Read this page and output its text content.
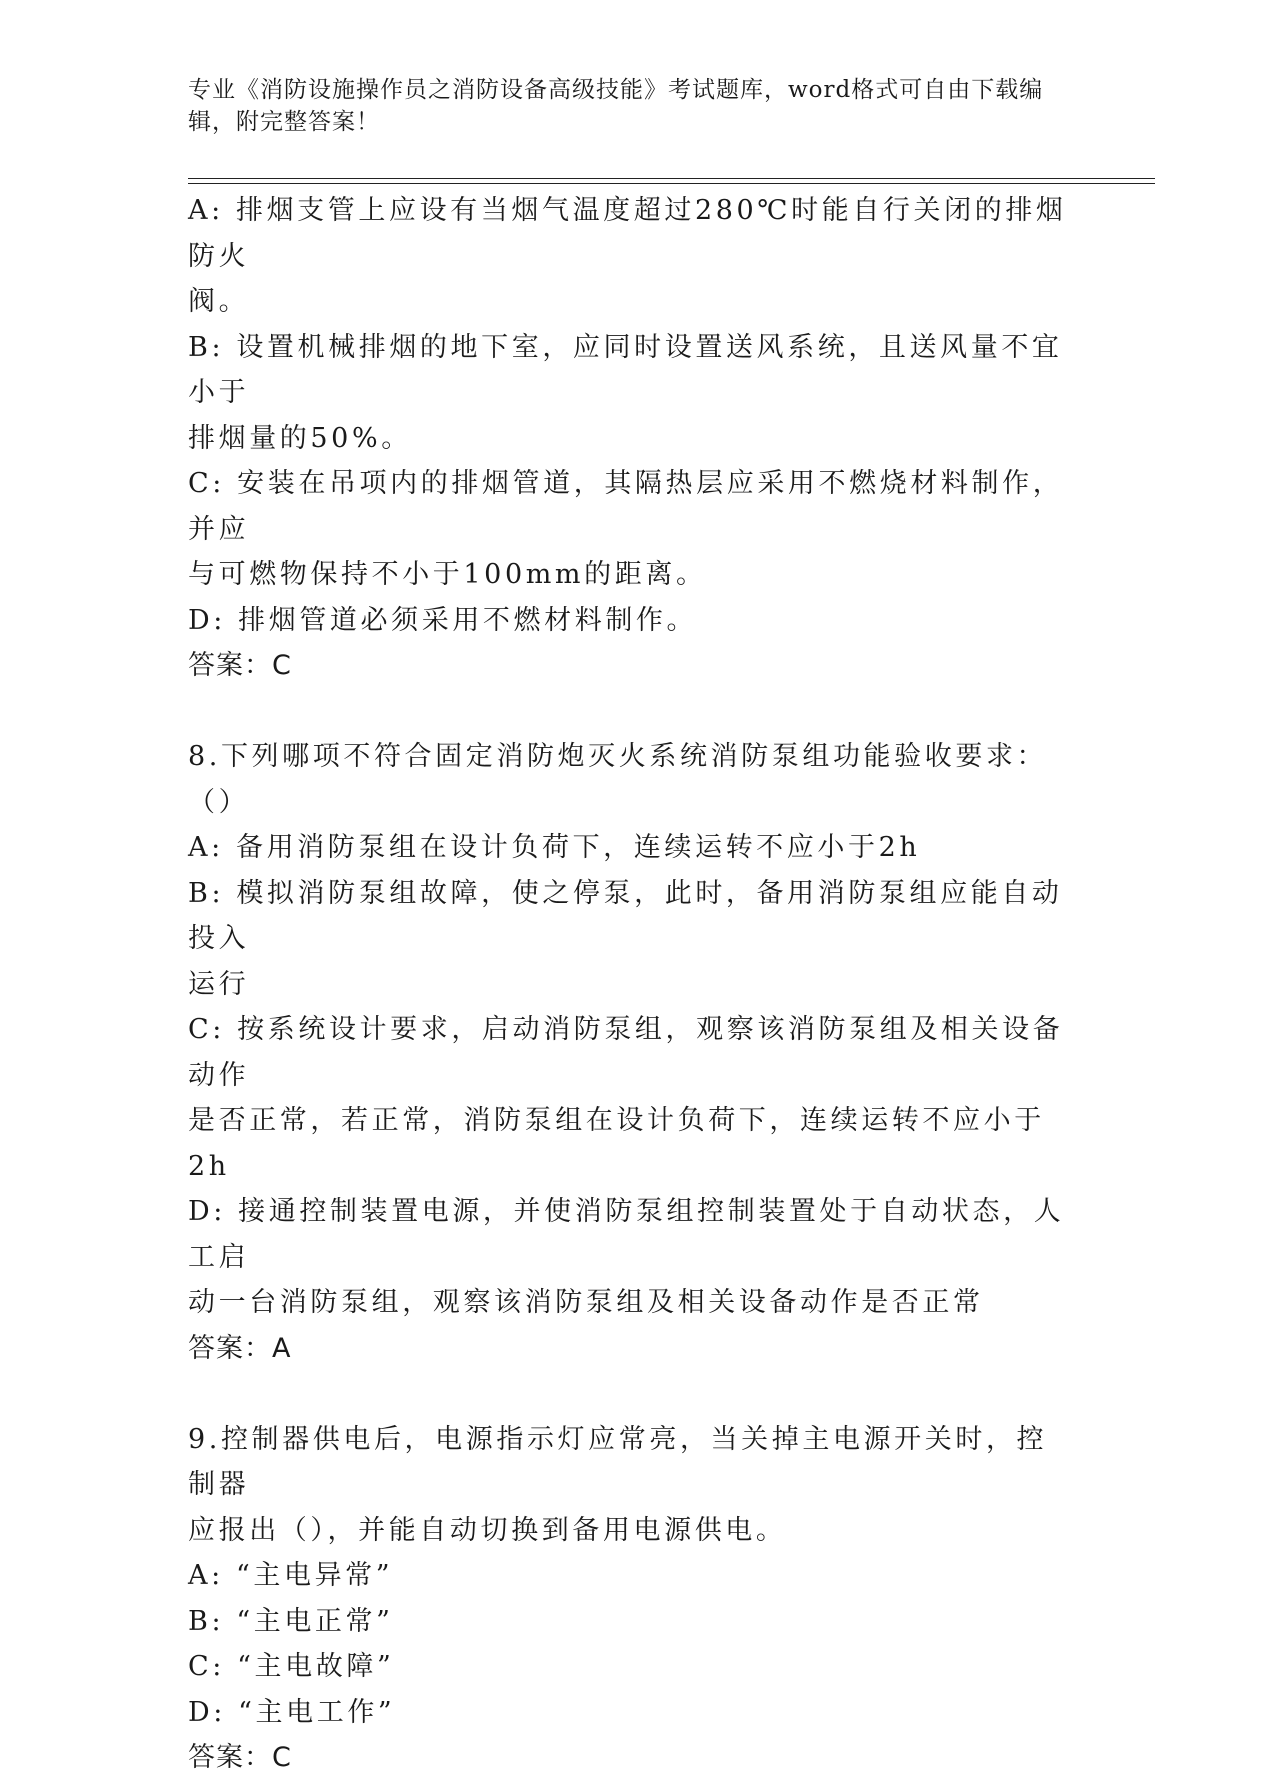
专业《消防设施操作员之消防设备高级技能》考试题库，word格式可自由下载编
辑，附完整答案！

A: 排烟支管上应设有当烟气温度超过280℃时能自行关闭的排烟防火

阀。

B: 设置机械排烟的地下室，应同时设置送风系统，且送风量不宜小于

排烟量的50%。

C: 安装在吊项内的排烟管道，其隔热层应采用不燃烧材料制作，并应

与可燃物保持不小于100mm的距离。

D: 排烟管道必须采用不燃材料制作。

答案：C

8.下列哪项不符合固定消防炮灭火系统消防泵组功能验收要求：（）

A: 备用消防泵组在设计负荷下，连续运转不应小于2h

B: 模拟消防泵组故障，使之停泵，此时，备用消防泵组应能自动投入

运行

C: 按系统设计要求，启动消防泵组，观察该消防泵组及相关设备动作

是否正常，若正常，消防泵组在设计负荷下，连续运转不应小于2h

D: 接通控制装置电源，并使消防泵组控制装置处于自动状态，人工启

动一台消防泵组，观察该消防泵组及相关设备动作是否正常

答案：A

9.控制器供电后，电源指示灯应常亮，当关掉主电源开关时，控制器

应报出（），并能自动切换到备用电源供电。

A: “主电异常”

B: “主电正常”

C: “主电故障”

D: “主电工作”

答案：C
